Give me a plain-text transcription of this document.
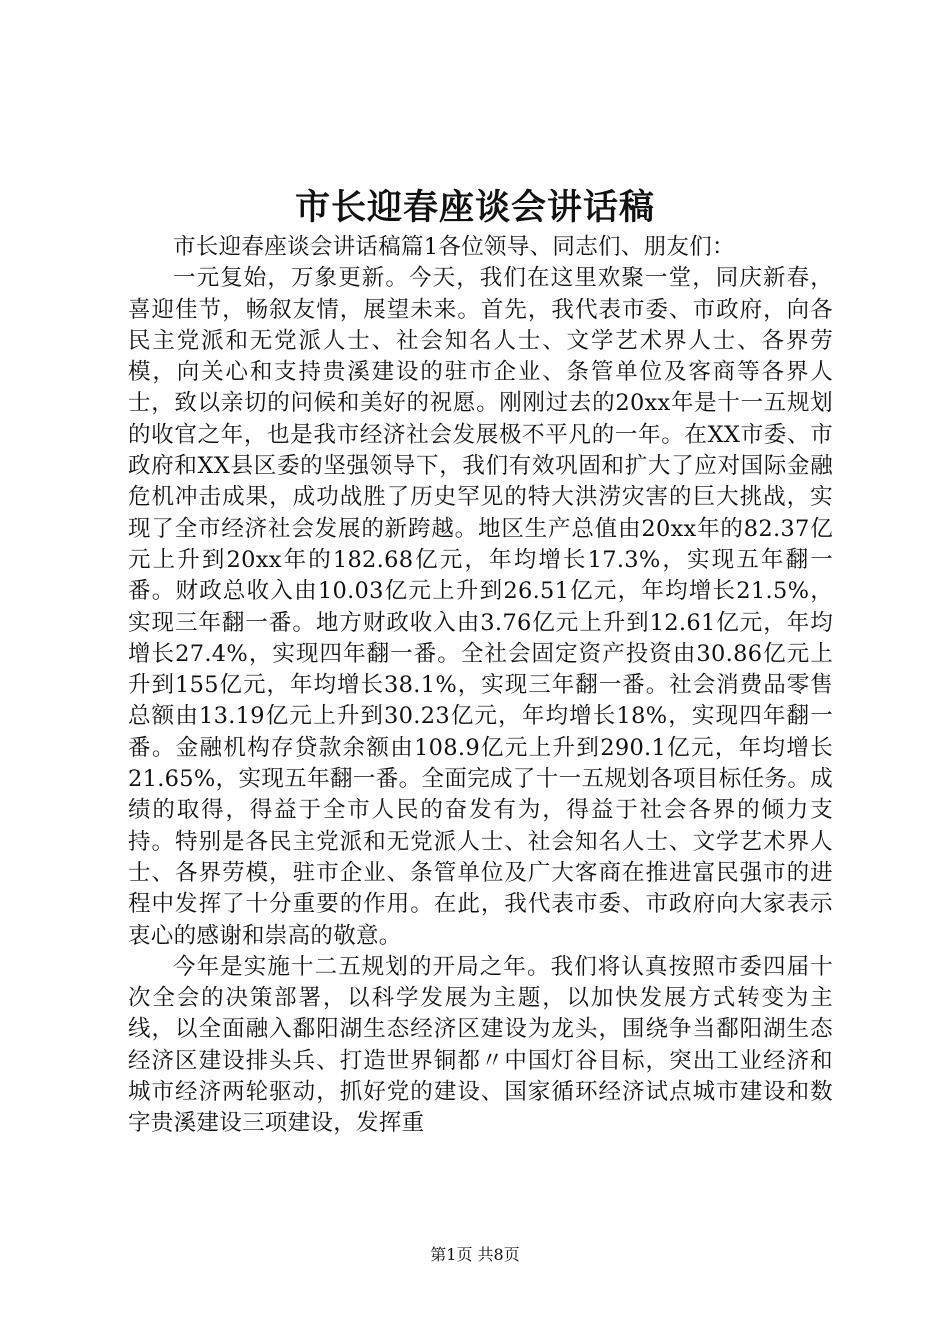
市长迎春座谈会讲话稿

市长迎春座谈会讲话稿篇1各位领导、同志们、朋友们：

一元复始，万象更新。今天，我们在这里欢聚一堂，同庆新春，喜迎佳节，畅叙友情，展望未来。首先，我代表市委、市政府，向各民主党派和无党派人士、社会知名人士、文学艺术界人士、各界劳模，向关心和支持贵溪建设的驻市企业、条管单位及客商等各界人士，致以亲切的问候和美好的祝愿。刚刚过去的20xx年是十一五规划的收官之年，也是我市经济社会发展极不平凡的一年。在XX市委、市政府和XX县区委的坚强领导下，我们有效巩固和扩大了应对国际金融危机冲击成果，成功战胜了历史罕见的特大洪涝灾害的巨大挑战，实现了全市经济社会发展的新跨越。地区生产总值由20xx年的82.37亿元上升到20xx年的182.68亿元，年均增长17.3%，实现五年翻一番。财政总收入由10.03亿元上升到26.51亿元，年均增长21.5%，实现三年翻一番。地方财政收入由3.76亿元上升到12.61亿元，年均增长27.4%，实现四年翻一番。全社会固定资产投资由30.86亿元上升到155亿元，年均增长38.1%，实现三年翻一番。社会消费品零售总额由13.19亿元上升到30.23亿元，年均增长18%，实现四年翻一番。金融机构存贷款余额由108.9亿元上升到290.1亿元，年均增长21.65%，实现五年翻一番。全面完成了十一五规划各项目标任务。成绩的取得，得益于全市人民的奋发有为，得益于社会各界的倾力支持。特别是各民主党派和无党派人士、社会知名人士、文学艺术界人士、各界劳模，驻市企业、条管单位及广大客商在推进富民强市的进程中发挥了十分重要的作用。在此，我代表市委、市政府向大家表示衷心的感谢和崇高的敬意。

今年是实施十二五规划的开局之年。我们将认真按照市委四届十次全会的决策部署，以科学发展为主题，以加快发展方式转变为主线，以全面融入鄱阳湖生态经济区建设为龙头，围绕争当鄱阳湖生态经济区建设排头兵、打造世界铜都〃中国灯谷目标，突出工业经济和城市经济两轮驱动，抓好党的建设、国家循环经济试点城市建设和数字贵溪建设三项建设，发挥重

第1页 共8页
